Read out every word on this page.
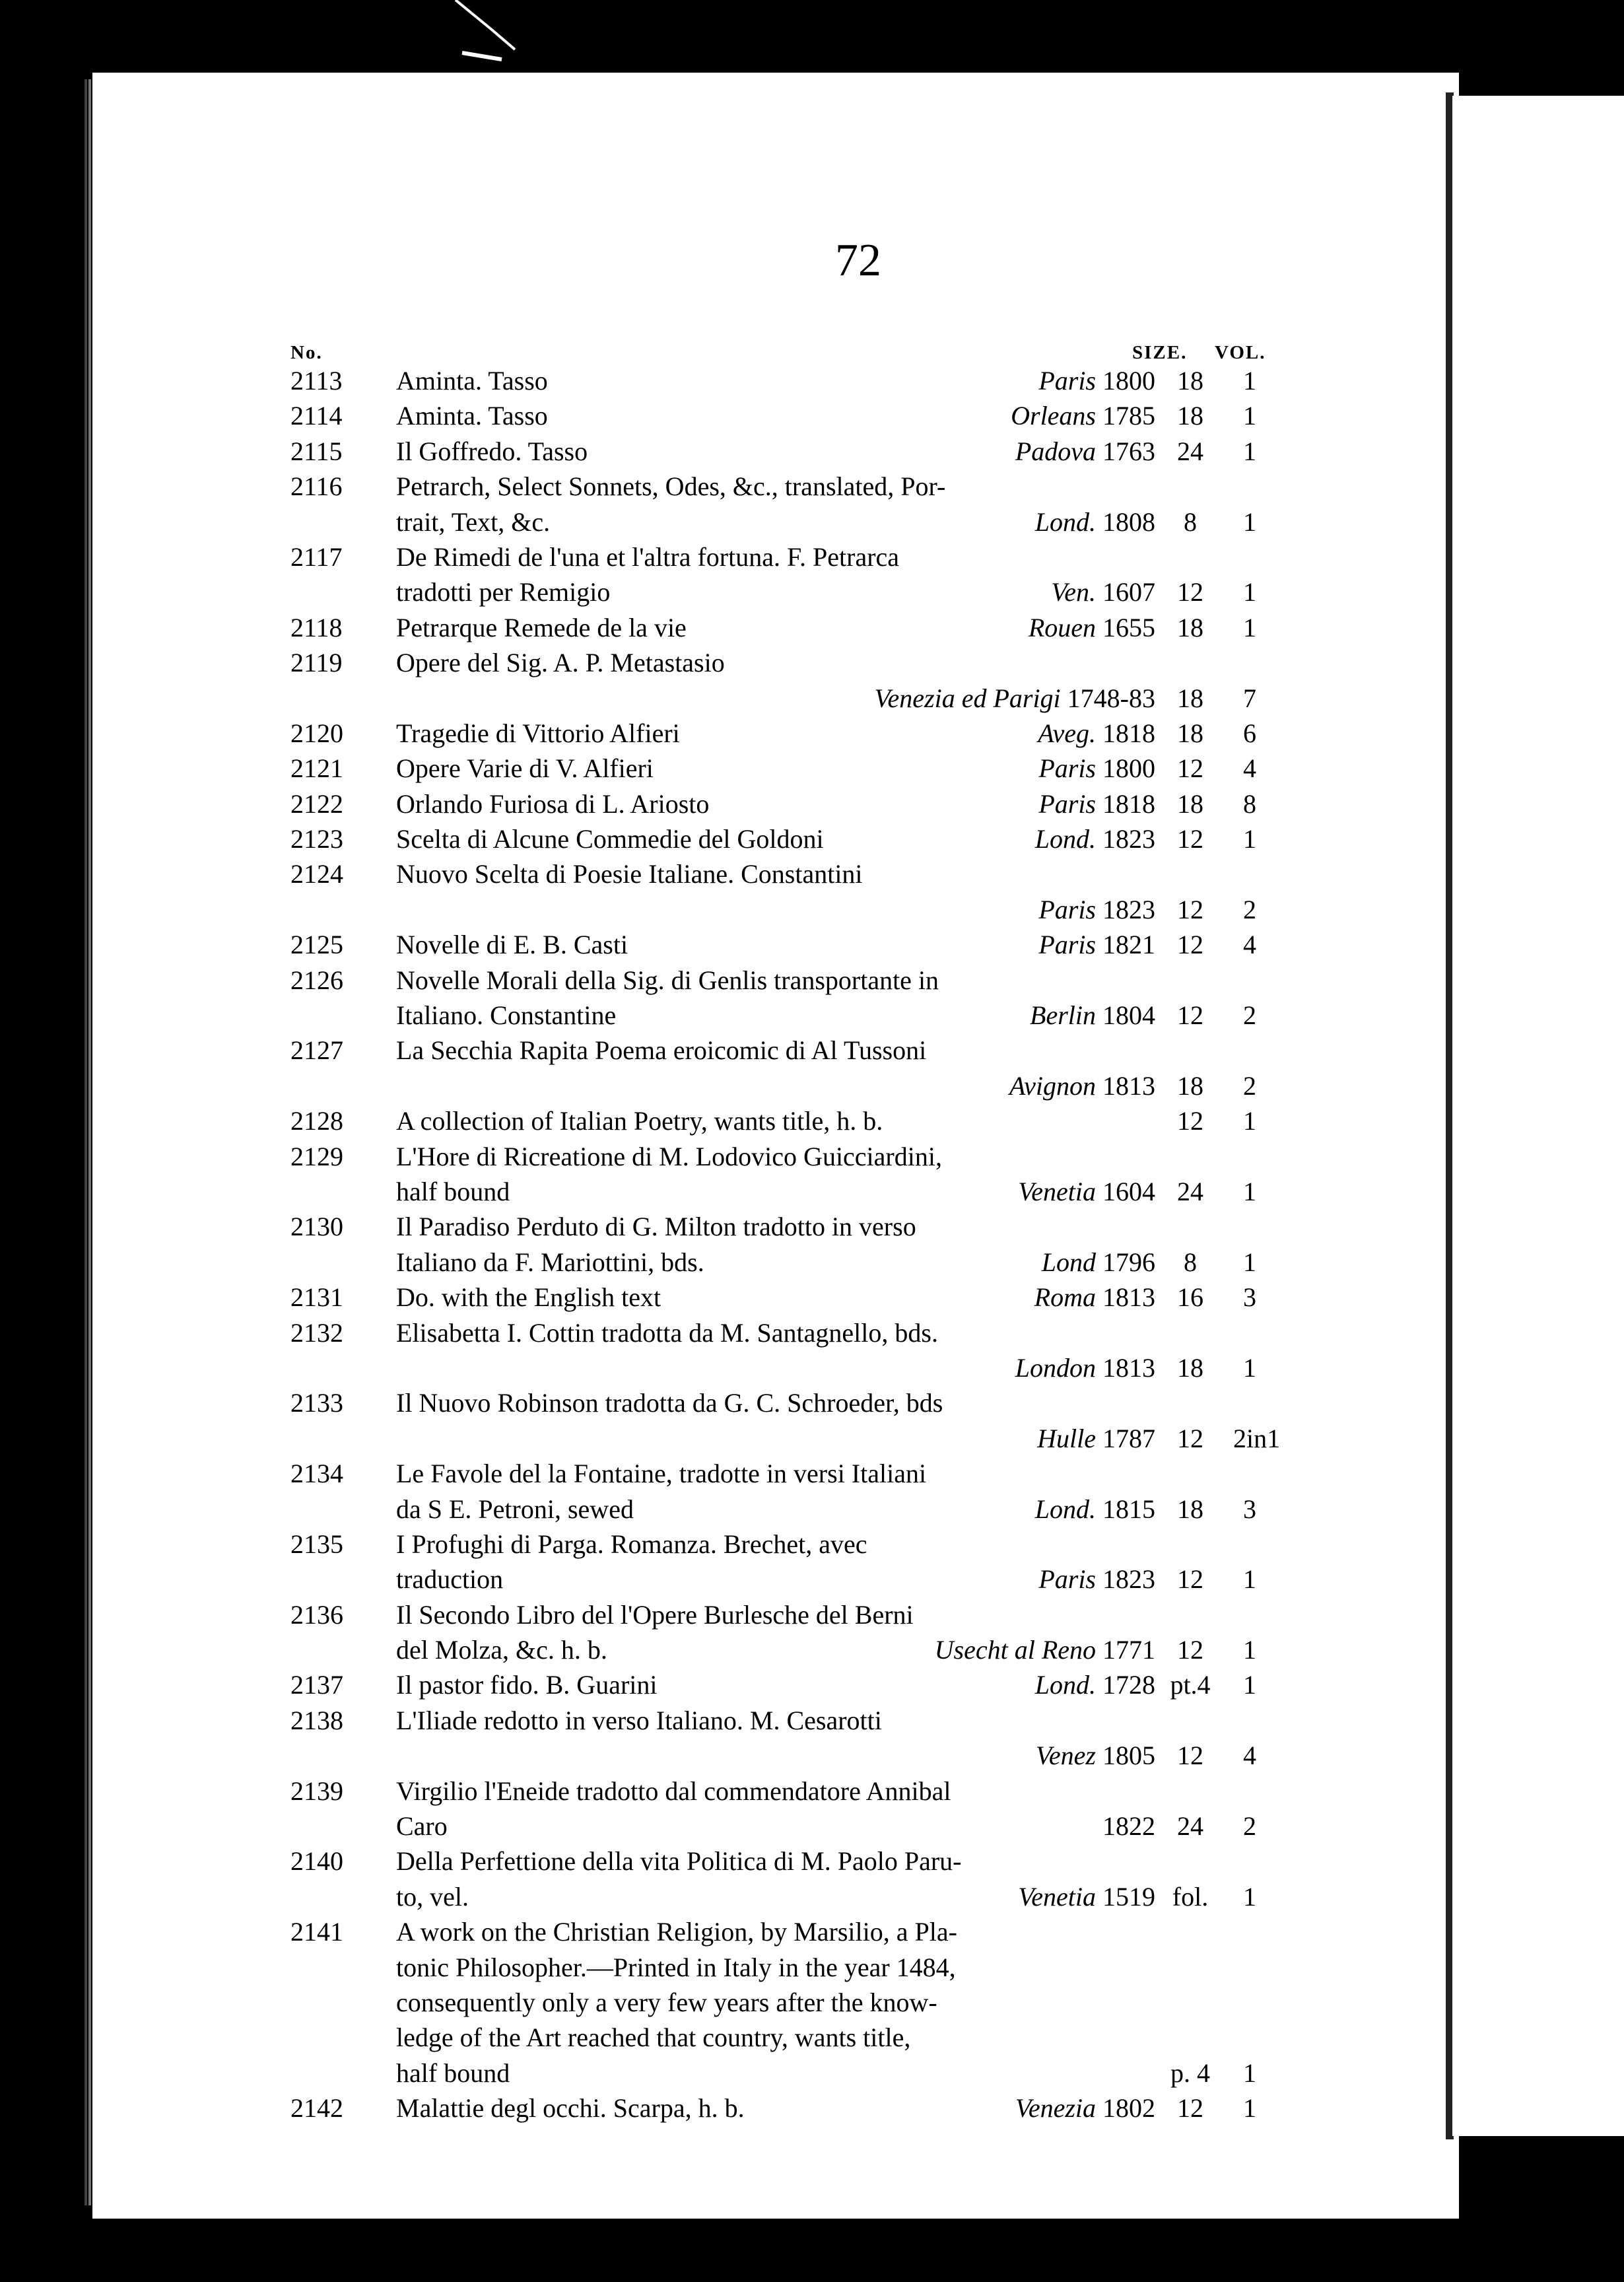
72
No.	SIZE. VOL.
2113 Aminta. Tasso	Paris 1800 18	1
2114 Aminta. Tasso	Orleans 1785 18	1
2115 Il Goffredo. Tasso	Padova 1763 24	1
2116 Petrarch, Select Sonnets, Odes, &c., translated, Por-
trait, Text, &c.	Lond. 1808	8	1
2117 De Rimedi de l'una et l'altra fortuna. F. Petrarca
tradotti per Remigio	Ven. 1607 12	1
2118 Petrarque Remede de la vie	Rouen 1655 18	1
2119 Opere del Sig. A. P. Metastasio
Venezia ed Parigi 1748-83 18	7
2120 Tragedie di Vittorio Alfieri	Aveg. 1818 18	6
2121 Opere Varie di V. Alfieri	Paris 1800 12	4
2122 Orlando Furiosa di L. Ariosto	Paris 1818 18	8
2123 Scelta di Alcune Commedie del Goldoni	Lond. 1823 12	1
2124 Nuovo Scelta di Poesie Italiane. Constantini
Paris 1823 12	2
2125 Novelle di E. B. Casti	Paris 1821 12	4
2126 Novelle Morali della Sig. di Genlis transportante in
Italiano. Constantine	Berlin 1804 12	2
2127 La Secchia Rapita Poema eroicomic di Al Tussoni
Avignon 1813 18	2
2128 A collection of Italian Poetry, wants title, h. b.	12	1
2129 L'Hore di Ricreatione di M. Lodovico Guicciardini,
half bound	Venetia 1604 24	1
2130 Il Paradiso Perduto di G. Milton tradotto in verso
Italiano da F. Mariottini, bds.	Lond 1796	8	1
2131 Do. with the English text	Roma 1813 16	3
2132 Elisabetta I. Cottin tradotta da M. Santagnello, bds.
London 1813 18	1
2133 Il Nuovo Robinson tradotta da G. C. Schroeder, bds
Hulle 1787 12	2in1
2134 Le Favole del la Fontaine, tradotte in versi Italiani
da S E. Petroni, sewed	Lond. 1815 18	3
2135 I Profughi di Parga. Romanza. Brechet, avec
traduction	Paris 1823 12	1
2136 Il Secondo Libro del l'Opere Burlesche del Berni
del Molza, &c. h. b.	Usecht al Reno 1771 12	1
2137 Il pastor fido. B. Guarini	Lond. 1728 pt.4	1
2138 L'Iliade redotto in verso Italiano. M. Cesarotti
Venez 1805 12	4
2139 Virgilio l'Eneide tradotto dal commendatore Annibal
Caro	1822 24	2
2140 Della Perfettione della vita Politica di M. Paolo Paru-
to, vel.	Venetia 1519 fol.	1
2141 A work on the Christian Religion, by Marsilio, a Pla-
tonic Philosopher.—Printed in Italy in the year 1484,
consequently only a very few years after the know-
ledge of the Art reached that country, wants title,
half bound	p. 4	1
2142 Malattie degl occhi. Scarpa, h. b.	Venezia 1802 12	1
